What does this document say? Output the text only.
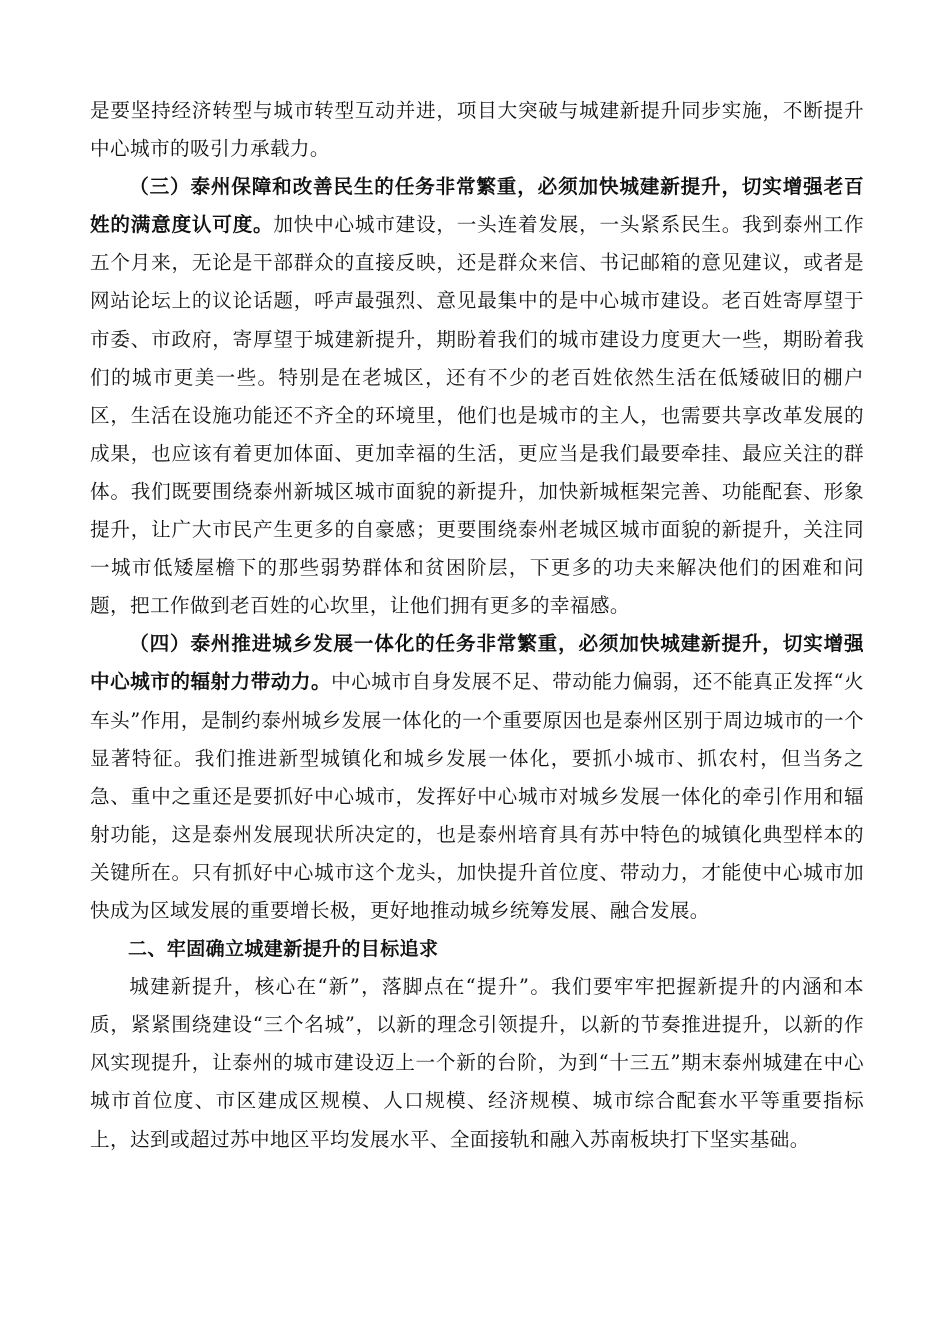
是要坚持经济转型与城市转型互动并进，项目大突破与城建新提升同步实施，不断提升中心城市的吸引力承载力。

（三）泰州保障和改善民生的任务非常繁重，必须加快城建新提升，切实增强老百姓的满意度认可度。加快中心城市建设，一头连着发展，一头紧系民生。我到泰州工作五个月来，无论是干部群众的直接反映，还是群众来信、书记邮箱的意见建议，或者是网站论坛上的议论话题，呼声最强烈、意见最集中的是中心城市建设。老百姓寄厚望于市委、市政府，寄厚望于城建新提升，期盼着我们的城市建设力度更大一些，期盼着我们的城市更美一些。特别是在老城区，还有不少的老百姓依然生活在低矮破旧的棚户区，生活在设施功能还不齐全的环境里，他们也是城市的主人，也需要共享改革发展的成果，也应该有着更加体面、更加幸福的生活，更应当是我们最要牵挂、最应关注的群体。我们既要围绕泰州新城区城市面貌的新提升，加快新城框架完善、功能配套、形象提升，让广大市民产生更多的自豪感；更要围绕泰州老城区城市面貌的新提升，关注同一城市低矮屋檐下的那些弱势群体和贫困阶层，下更多的功夫来解决他们的困难和问题，把工作做到老百姓的心坎里，让他们拥有更多的幸福感。

（四）泰州推进城乡发展一体化的任务非常繁重，必须加快城建新提升，切实增强中心城市的辐射力带动力。中心城市自身发展不足、带动能力偏弱，还不能真正发挥“火车头”作用，是制约泰州城乡发展一体化的一个重要原因也是泰州区别于周边城市的一个显著特征。我们推进新型城镇化和城乡发展一体化，要抓小城市、抓农村，但当务之急、重中之重还是要抓好中心城市，发挥好中心城市对城乡发展一体化的牵引作用和辐射功能，这是泰州发展现状所决定的，也是泰州培育具有苏中特色的城镇化典型样本的关键所在。只有抓好中心城市这个龙头，加快提升首位度、带动力，才能使中心城市加快成为区域发展的重要增长极，更好地推动城乡统筹发展、融合发展。

二、牢固确立城建新提升的目标追求

城建新提升，核心在“新”，落脚点在“提升”。我们要牢牢把握新提升的内涵和本质，紧紧围绕建设“三个名城”，以新的理念引领提升，以新的节奏推进提升，以新的作风实现提升，让泰州的城市建设迈上一个新的台阶，为到“十三五”期末泰州城建在中心城市首位度、市区建成区规模、人口规模、经济规模、城市综合配套水平等重要指标上，达到或超过苏中地区平均发展水平、全面接轨和融入苏南板块打下坚实基础。
